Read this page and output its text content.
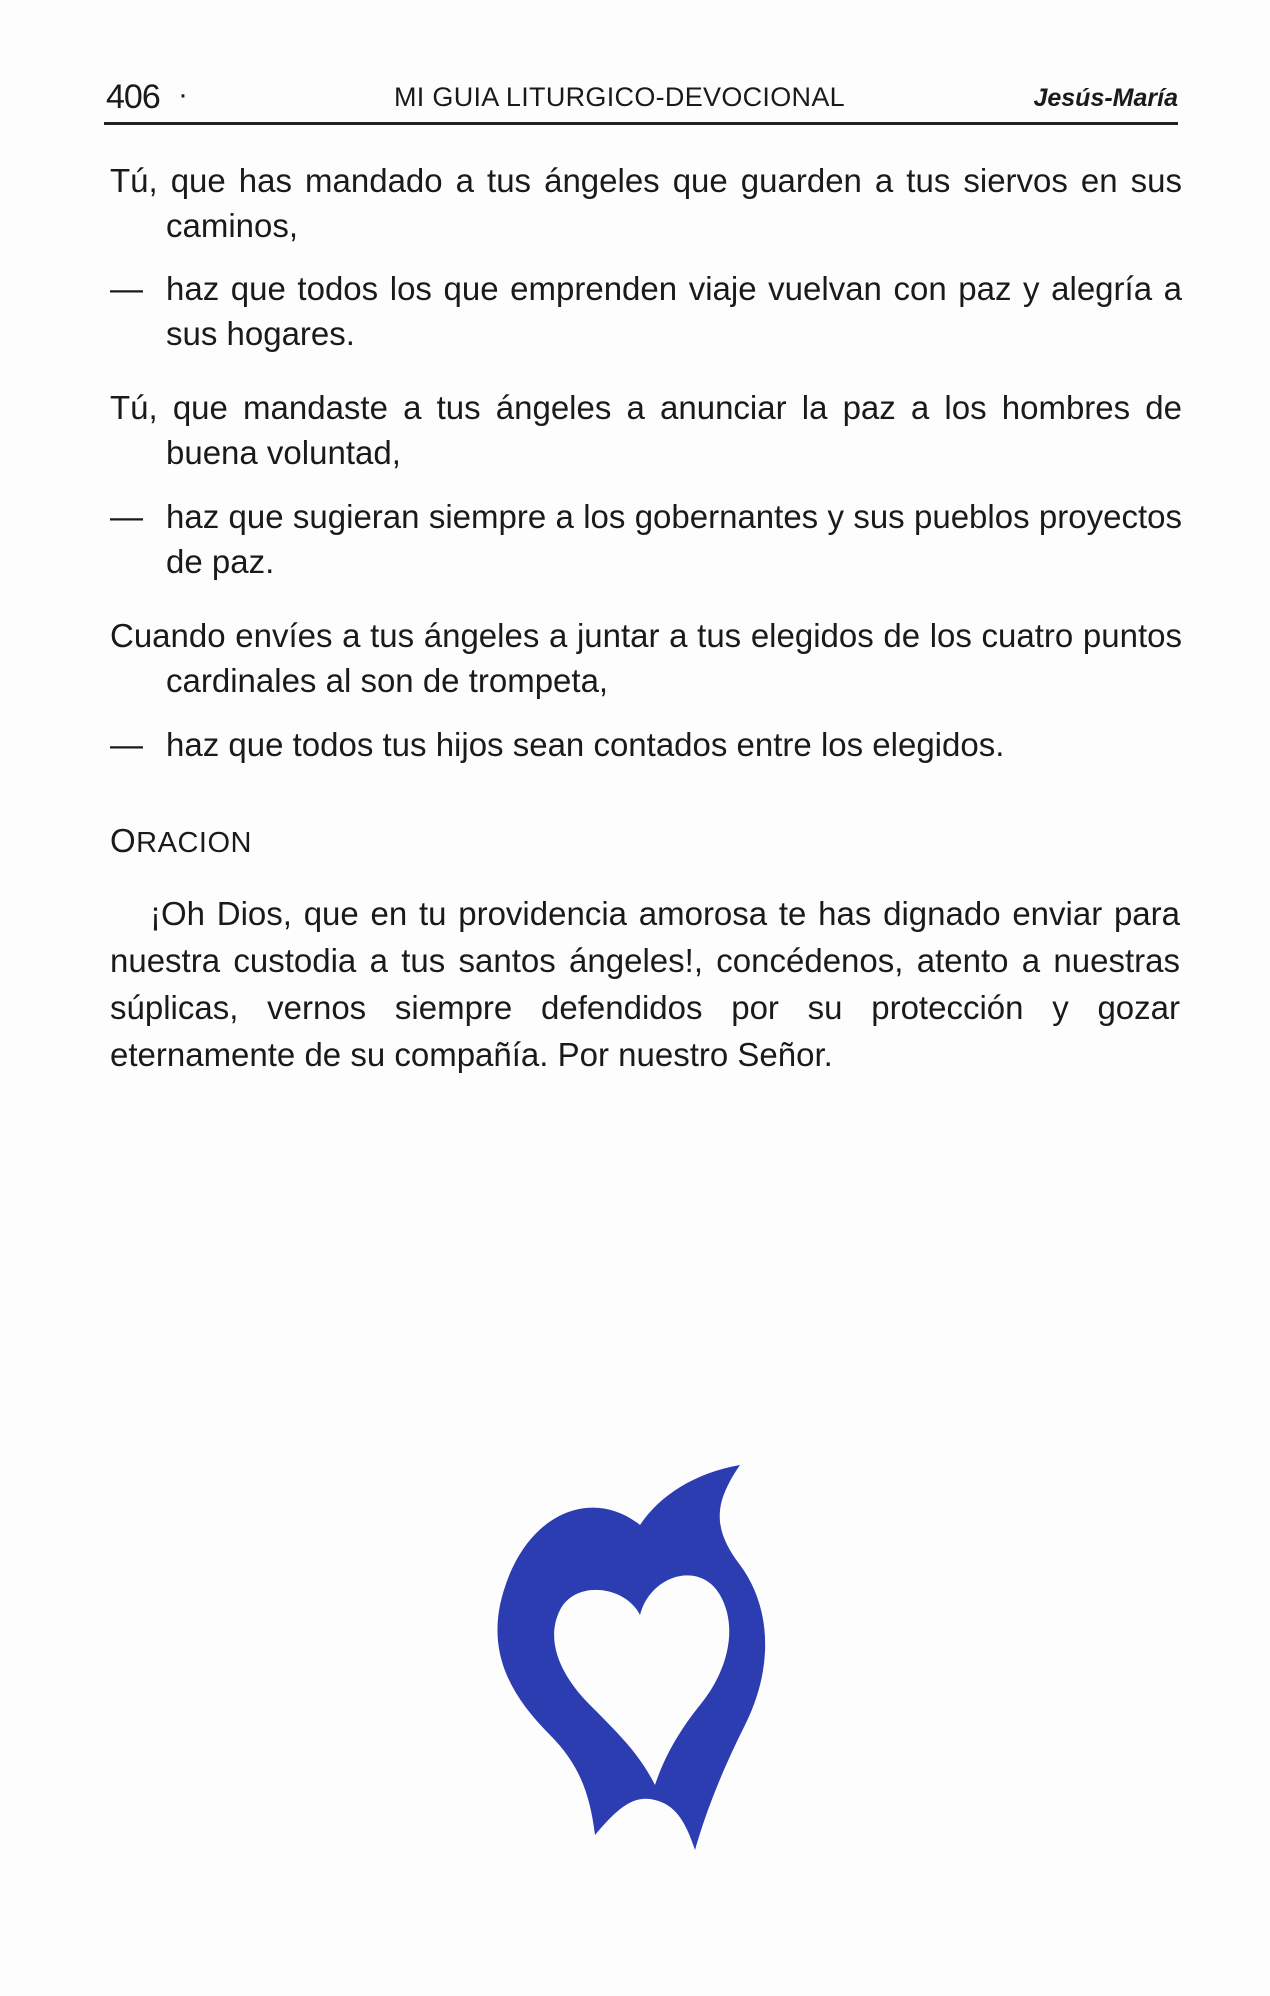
406 ·	MI GUIA LITURGICO-DEVOCIONAL	Jesús-María

Tú, que has mandado a tus ángeles que guarden a tus siervos en sus caminos,

— haz que todos los que emprenden viaje vuelvan con paz y alegría a sus hogares.

Tú, que mandaste a tus ángeles a anunciar la paz a los hombres de buena voluntad,

— haz que sugieran siempre a los gobernantes y sus pueblos proyectos de paz.

Cuando envíes a tus ángeles a juntar a tus elegidos de los cuatro puntos cardinales al son de trompeta,

— haz que todos tus hijos sean contados entre los elegidos.

ORACION

¡Oh Dios, que en tu providencia amorosa te has dignado enviar para nuestra custodia a tus santos ángeles!, concédenos, atento a nuestras súplicas, vernos siempre defendidos por su protección y gozar eternamente de su compañía. Por nuestro Señor.
